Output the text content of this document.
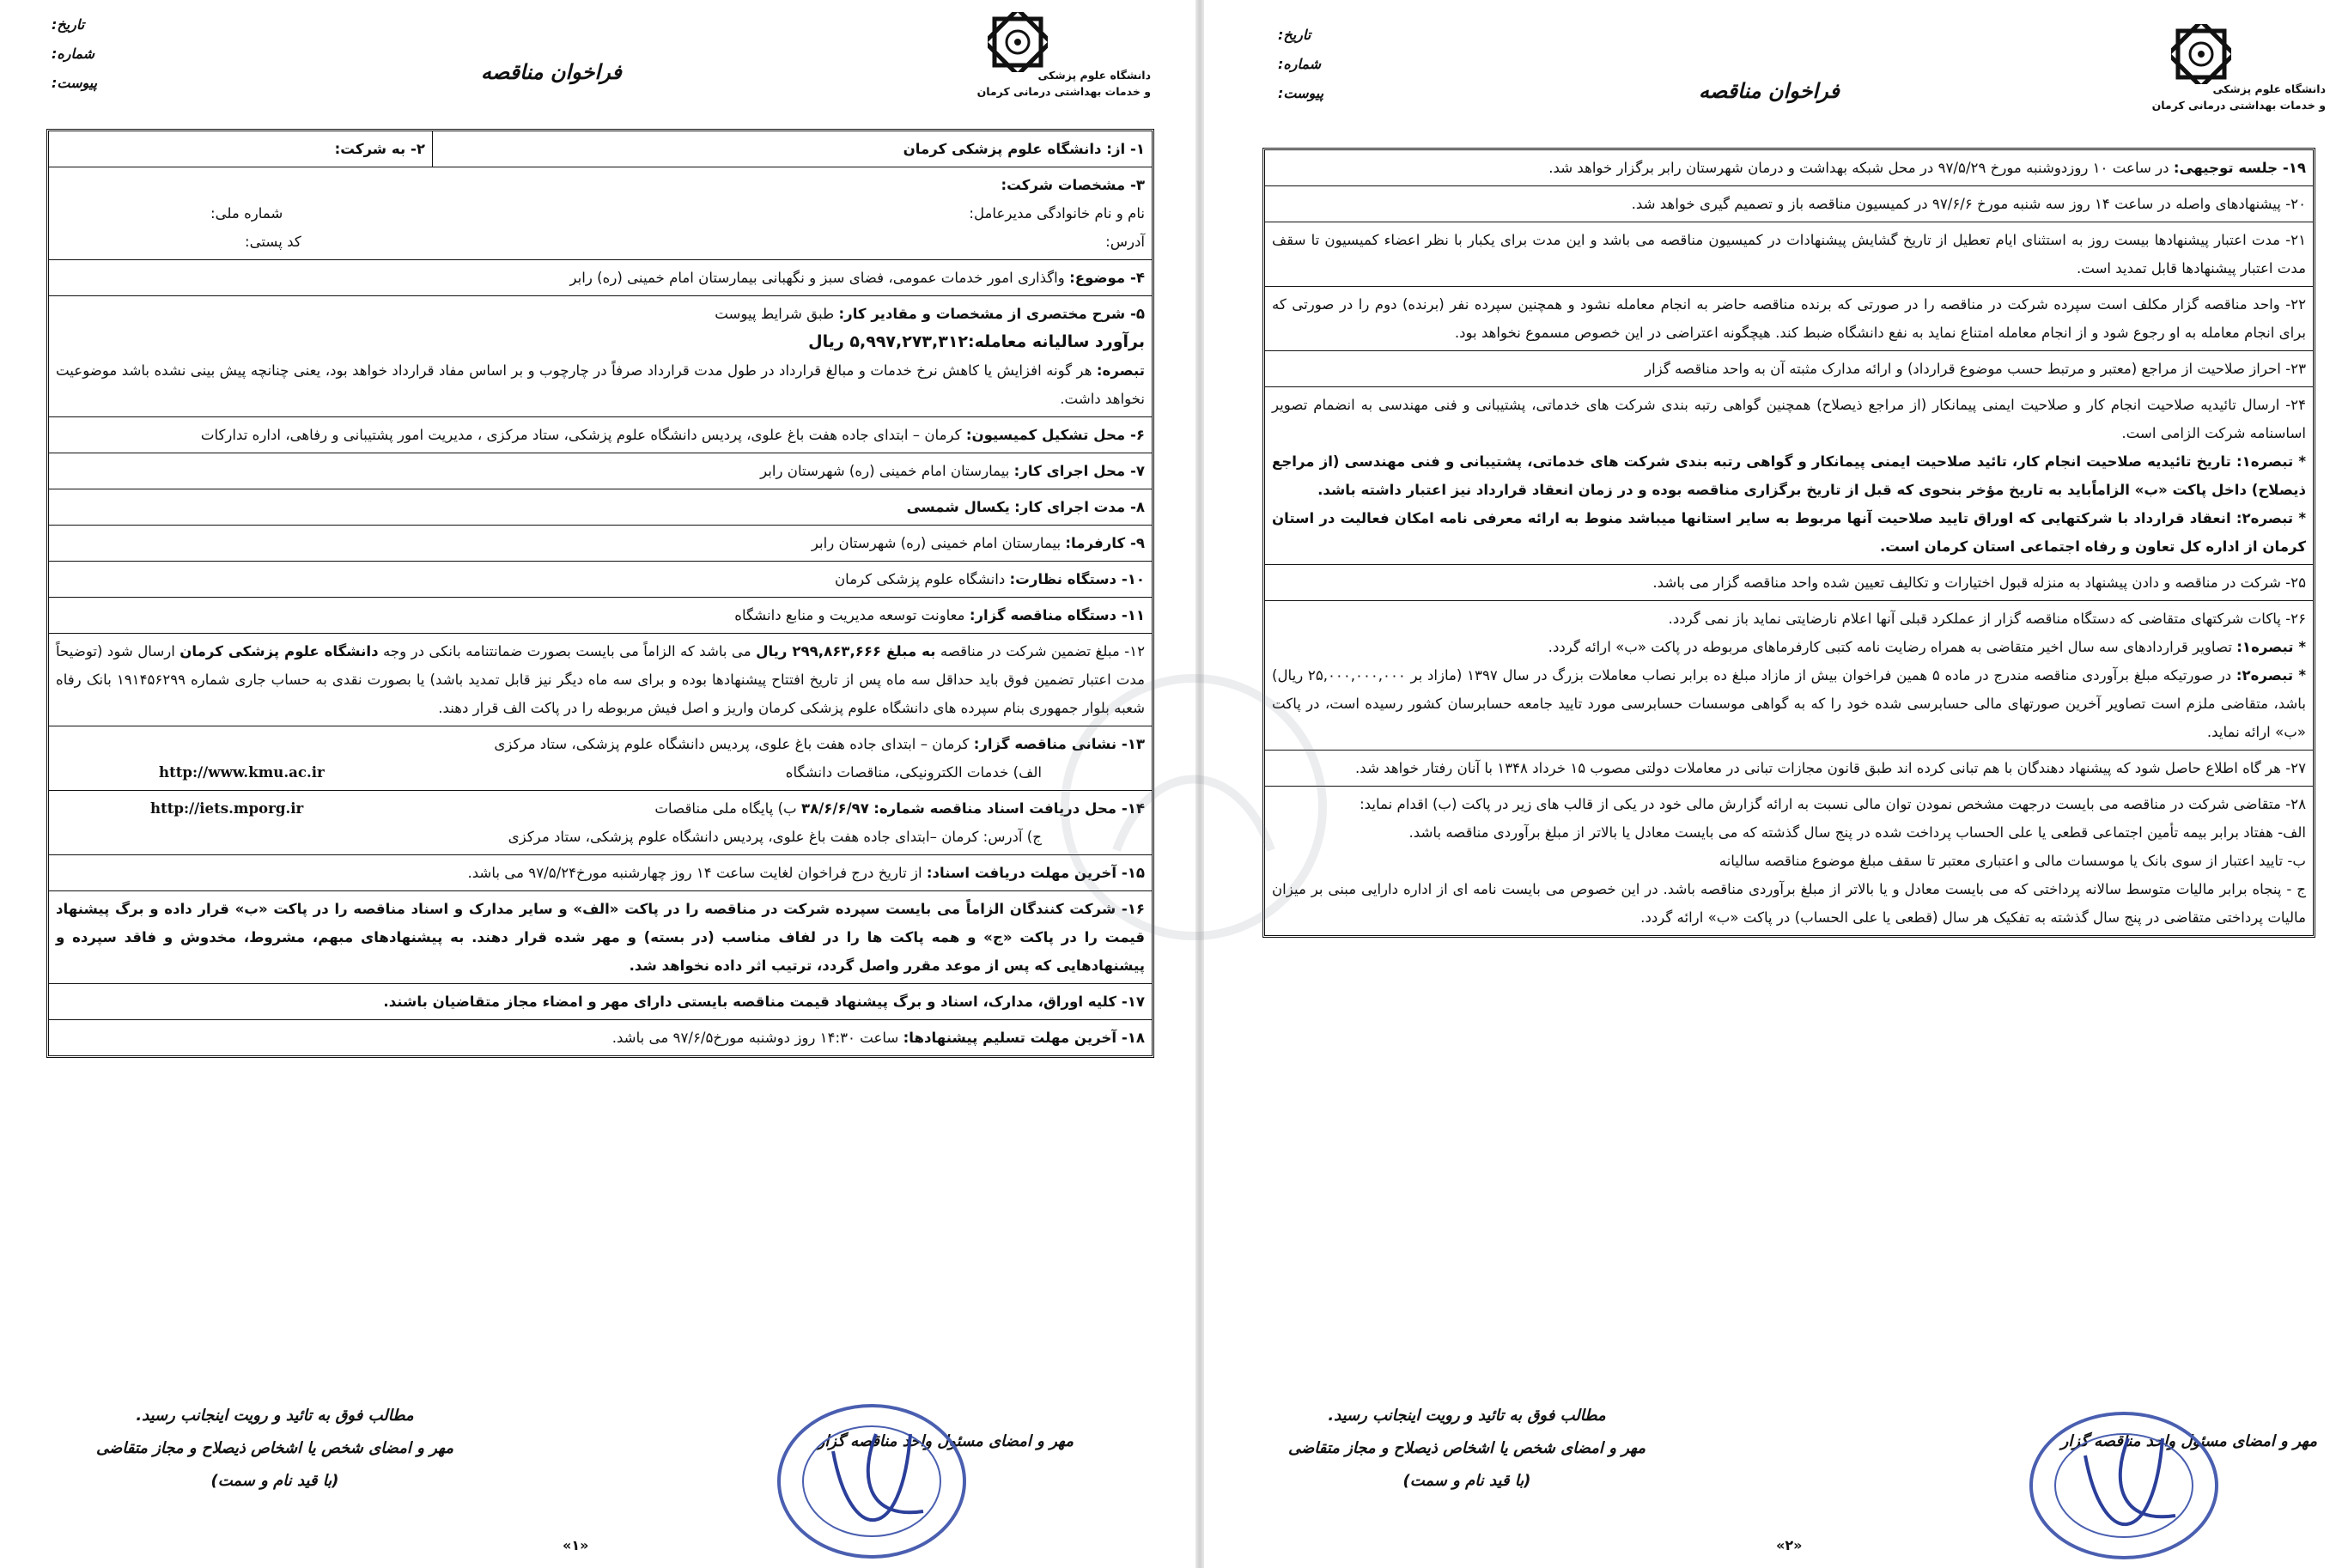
تاریخ:
شماره:
پیوست:	فراخوان مناقصه	دانشگاه علوم پزشکی
و خدمات بهداشتی درمانی کرمان
۱- از: دانشگاه علوم پزشکی کرمان
۲- به شرکت:
۳- مشخصات شرکت:
نام و نام خانوادگی مدیرعامل:
شماره ملی:
آدرس:
کد پستی:
۴- موضوع: واگذاری امور خدمات عمومی، فضای سبز و نگهبانی بیمارستان امام خمینی (ره) رابر
۵- شرح مختصری از مشخصات و مقادیر کار: طبق شرایط پیوست
برآورد سالیانه معامله:۵,۹۹۷,۲۷۳,۳۱۲ ریال
تبصره: هر گونه افزایش یا کاهش نرخ خدمات و مبالغ قرارداد در طول مدت قرارداد صرفاً در چارچوب و بر اساس مفاد قرارداد خواهد بود، یعنی چنانچه پیش بینی نشده باشد موضوعیت نخواهد داشت.
۶- محل تشکیل کمیسیون: کرمان – ابتدای جاده هفت باغ علوی، پردیس دانشگاه علوم پزشکی، ستاد مرکزی ، مدیریت امور پشتیبانی و رفاهی، اداره تدارکات
۷- محل اجرای کار: بیمارستان امام خمینی (ره) شهرستان رابر
۸- مدت اجرای کار: یکسال شمسی
۹- کارفرما: بیمارستان امام خمینی (ره) شهرستان رابر
۱۰- دستگاه نظارت: دانشگاه علوم پزشکی کرمان
۱۱- دستگاه مناقصه گزار: معاونت توسعه مدیریت و منابع دانشگاه
۱۲- مبلغ تضمین شرکت در مناقصه به مبلغ ۲۹۹,۸۶۳,۶۶۶ ریال می باشد که الزاماً می بایست بصورت ضمانتنامه بانکی در وجه دانشگاه علوم پزشکی کرمان ارسال شود (توضیحاً مدت اعتبار تضمین فوق باید حداقل سه ماه پس از تاریخ افتتاح پیشنهادها بوده و برای سه ماه دیگر نیز قابل تمدید باشد) یا بصورت نقدی به حساب جاری شماره ۱۹۱۴۵۶۲۹۹ بانک رفاه شعبه بلوار جمهوری بنام سپرده های دانشگاه علوم پزشکی کرمان واریز و اصل فیش مربوطه را در پاکت الف قرار دهند.
۱۳- نشانی مناقصه گزار: کرمان – ابتدای جاده هفت باغ علوی، پردیس دانشگاه علوم پزشکی، ستاد مرکزی
الف) خدمات الکترونیکی، مناقصات دانشگاه
http://www.kmu.ac.ir
۱۴- محل دریافت اسناد مناقصه شماره: ۳۸/۶/۶/۹۷ ب) پایگاه ملی مناقصات
http://iets.mporg.ir
ج) آدرس: کرمان –ابتدای جاده هفت باغ علوی، پردیس دانشگاه علوم پزشکی، ستاد مرکزی
۱۵- آخرین مهلت دریافت اسناد: از تاریخ درج فراخوان لغایت ساعت ۱۴ روز چهارشنبه مورخ۹۷/۵/۲۴ می باشد.
۱۶- شرکت کنندگان الزاماً می بایست سپرده شرکت در مناقصه را در پاکت «الف» و سایر مدارک و اسناد مناقصه را در پاکت «ب» قرار داده و برگ پیشنهاد قیمت را در پاکت «ج» و همه پاکت ها را در لفاف مناسب (در بسته) و مهر شده قرار دهند. به پیشنهادهای مبهم، مشروط، مخدوش و فاقد سپرده و پیشنهادهایی که پس از موعد مقرر واصل گردد، ترتیب اثر داده نخواهد شد.
۱۷- کلیه اوراق، مدارک، اسناد و برگ پیشنهاد قیمت مناقصه بایستی دارای مهر و امضاء مجاز متقاضیان باشند.
۱۸- آخرین مهلت تسلیم پیشنهادها: ساعت ۱۴:۳۰ روز دوشنبه مورخ۹۷/۶/۵ می باشد.
مطالب فوق به تائید و رویت اینجانب رسید.
مهر و امضای شخص یا اشخاص ذیصلاح و مجاز متقاضی
(با قید نام و سمت)
مهر و امضای مسئول واحد مناقصه گزار
«۱»
تاریخ:
شماره:
پیوست:	فراخوان مناقصه	دانشگاه علوم پزشکی
و خدمات بهداشتی درمانی کرمان
۱۹- جلسه توجیهی: در ساعت ۱۰ روزدوشنبه مورخ ۹۷/۵/۲۹ در محل شبکه بهداشت و درمان شهرستان رابر برگزار خواهد شد.
۲۰- پیشنهادهای واصله در ساعت ۱۴ روز سه شنبه مورخ ۹۷/۶/۶ در کمیسیون مناقصه باز و تصمیم گیری خواهد شد.
۲۱- مدت اعتبار پیشنهادها بیست روز به استثنای ایام تعطیل از تاریخ گشایش پیشنهادات در کمیسیون مناقصه می باشد و این مدت برای یکبار با نظر اعضاء کمیسیون تا سقف مدت اعتبار پیشنهادها قابل تمدید است.
۲۲- واحد مناقصه گزار مکلف است سپرده شرکت در مناقصه را در صورتی که برنده مناقصه حاضر به انجام معامله نشود و همچنین سپرده نفر (برنده) دوم را در صورتی که برای انجام معامله به او رجوع شود و از انجام معامله امتناع نماید به نفع دانشگاه ضبط کند. هیچگونه اعتراضی در این خصوص مسموع نخواهد بود.
۲۳- احراز صلاحیت از مراجع (معتبر و مرتبط حسب موضوع قرارداد) و ارائه مدارک مثبته آن به واحد مناقصه گزار
۲۴- ارسال تائیدیه صلاحیت انجام کار و صلاحیت ایمنی پیمانکار (از مراجع ذیصلاح) همچنین گواهی رتبه بندی شرکت های خدماتی، پشتیبانی و فنی مهندسی به انضمام تصویر اساسنامه شرکت الزامی است.
* تبصره۱: تاریخ تائیدیه صلاحیت انجام کار، تائید صلاحیت ایمنی پیمانکار و گواهی رتبه بندی شرکت های خدماتی، پشتیبانی و فنی مهندسی (از مراجع ذیصلاح) داخل پاکت «ب» الزاماًباید به تاریخ مؤخر بنحوی که قبل از تاریخ برگزاری مناقصه بوده و در زمان انعقاد قرارداد نیز اعتبار داشته باشد.
* تبصره۲: انعقاد قرارداد با شرکتهایی که اوراق تایید صلاحیت آنها مربوط به سایر استانها میباشد منوط به ارائه معرفی نامه امکان فعالیت در استان کرمان از اداره کل تعاون و رفاه اجتماعی استان کرمان است.
۲۵- شرکت در مناقصه و دادن پیشنهاد به منزله قبول اختیارات و تکالیف تعیین شده واحد مناقصه گزار می باشد.
۲۶- پاکات شرکتهای متقاضی که دستگاه مناقصه گزار از عملکرد قبلی آنها اعلام نارضایتی نماید باز نمی گردد.
* تبصره۱: تصاویر قراردادهای سه سال اخیر متقاضی به همراه رضایت نامه کتبی کارفرماهای مربوطه در پاکت «ب» ارائه گردد.
* تبصره۲: در صورتیکه مبلغ برآوردی مناقصه مندرج در ماده ۵ همین فراخوان بیش از مازاد مبلغ ده برابر نصاب معاملات بزرگ در سال ۱۳۹۷ (مازاد بر ۲۵,۰۰۰,۰۰۰,۰۰۰ ریال) باشد، متقاضی ملزم است تصاویر آخرین صورتهای مالی حسابرسی شده خود را که به گواهی موسسات حسابرسی مورد تایید جامعه حسابرسان کشور رسیده است، در پاکت «ب» ارائه نماید.
۲۷- هر گاه اطلاع حاصل شود که پیشنهاد دهندگان با هم تبانی کرده اند طبق قانون مجازات تبانی در معاملات دولتی مصوب ۱۵ خرداد ۱۳۴۸ با آنان رفتار خواهد شد.
۲۸- متقاضی شرکت در مناقصه می بایست درجهت مشخص نمودن توان مالی نسبت به ارائه گزارش مالی خود در یکی از قالب های زیر در پاکت (ب) اقدام نماید:
الف- هفتاد برابر بیمه تأمین اجتماعی قطعی یا علی الحساب پرداخت شده در پنج سال گذشته که می بایست معادل یا بالاتر از مبلغ برآوردی مناقصه باشد.
ب- تایید اعتبار از سوی بانک یا موسسات مالی و اعتباری معتبر تا سقف مبلغ موضوع مناقصه سالیانه
ج - پنجاه برابر مالیات متوسط سالانه پرداختی که می بایست معادل و یا بالاتر از مبلغ برآوردی مناقصه باشد. در این خصوص می بایست نامه ای از اداره دارایی مبنی بر میزان مالیات پرداختی متقاضی در پنج سال گذشته به تفکیک هر سال (قطعی یا علی الحساب) در پاکت «ب» ارائه گردد.
مطالب فوق به تائید و رویت اینجانب رسید.
مهر و امضای شخص یا اشخاص ذیصلاح و مجاز متقاضی
(با قید نام و سمت)
مهر و امضای مسئول واحد مناقصه گزار
«۲»
